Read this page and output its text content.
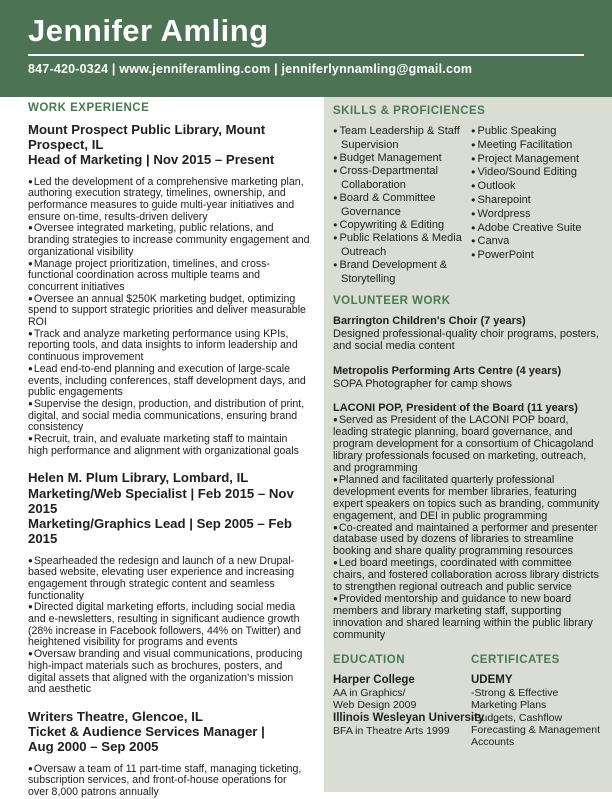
Jennifer Amling
847-420-0324 | www.jenniferamling.com | jenniferlynnamling@gmail.com
WORK EXPERIENCE
Mount Prospect Public Library, Mount Prospect, IL
Head of Marketing | Nov 2015 – Present

● Led the development of a comprehensive marketing plan, authoring execution strategy, timelines, ownership, and performance measures to guide multi-year initiatives and ensure on-time, results-driven delivery

● Oversee integrated marketing, public relations, and branding strategies to increase community engagement and organizational visibility

● Manage project prioritization, timelines, and cross-functional coordination across multiple teams and concurrent initiatives

● Oversee an annual $250K marketing budget, optimizing spend to support strategic priorities and deliver measurable ROI

● Track and analyze marketing performance using KPIs, reporting tools, and data insights to inform leadership and continuous improvement

● Lead end-to-end planning and execution of large-scale events, including conferences, staff development days, and public engagements

● Supervise the design, production, and distribution of print, digital, and social media communications, ensuring brand consistency

● Recruit, train, and evaluate marketing staff to maintain high performance and alignment with organizational goals

Helen M. Plum Library, Lombard, IL
Marketing/Web Specialist | Feb 2015 – Nov 2015
Marketing/Graphics Lead | Sep 2005 – Feb 2015

● Spearheaded the redesign and launch of a new Drupal-based website, elevating user experience and increasing engagement through strategic content and seamless functionality

● Directed digital marketing efforts, including social media and e-newsletters, resulting in significant audience growth (28% increase in Facebook followers, 44% on Twitter) and heightened visibility for programs and events

● Oversaw branding and visual communications, producing high-impact materials such as brochures, posters, and digital assets that aligned with the organization's mission and aesthetic

Writers Theatre, Glencoe, IL
Ticket & Audience Services Manager |
Aug 2000 – Sep 2005

● Oversaw a team of 11 part-time staff, managing ticketing, subscription services, and front-of-house operations for over 8,000 patrons annually

SKILLS & PROFICIENCES
● Team Leadership & Staff Supervision
● Budget Management
● Cross-Departmental Collaboration
● Board & Committee Governance
● Copywriting & Editing
● Public Relations & Media Outreach
● Brand Development & Storytelling
● Public Speaking
● Meeting Facilitation
● Project Management
● Video/Sound Editing
● Outlook
● Sharepoint
● Wordpress
● Adobe Creative Suite
● Canva
● PowerPoint
VOLUNTEER WORK
Barrington Children's Choir (7 years)
Designed professional-quality choir programs, posters, and social media content
Metropolis Performing Arts Centre (4 years)
SOPA Photographer for camp shows
LACONI POP, President of the Board (11 years)

● Served as President of the LACONI POP board, leading strategic planning, board governance, and program development for a consortium of Chicagoland library professionals focused on marketing, outreach, and programming

● Planned and facilitated quarterly professional development events for member libraries, featuring expert speakers on topics such as branding, community engagement, and DEI in public programming

● Co-created and maintained a performer and presenter database used by dozens of libraries to streamline booking and share quality programming resources

● Led board meetings, coordinated with committee chairs, and fostered collaboration across library districts to strengthen regional outreach and public service

● Provided mentorship and guidance to new board members and library marketing staff, supporting innovation and shared learning within the public library community

EDUCATION
Harper College
AA in Graphics/
Web Design 2009
Illinois Wesleyan University
BFA in Theatre Arts 1999
CERTIFICATES
UDEMY

-Strong & Effective Marketing Plans

-Budgets, Cashflow Forecasting & Management Accounts
